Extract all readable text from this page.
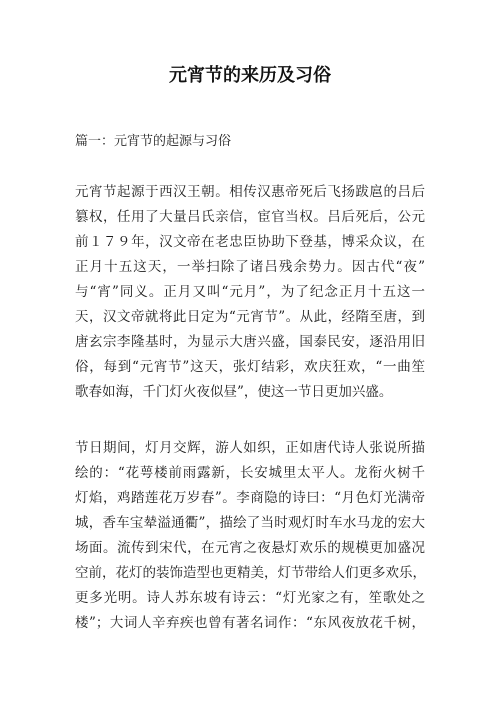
元宵节的来历及习俗

篇一：元宵节的起源与习俗

元宵节起源于西汉王朝。相传汉惠帝死后飞扬跋扈的吕后
篡权，任用了大量吕氏亲信，宦官当权。吕后死后，公元
前１７９年，汉文帝在老忠臣协助下登基，博采众议，在
正月十五这天，一举扫除了诸吕残余势力。因古代“夜”
与“宵”同义。正月又叫“元月”，为了纪念正月十五这一
天，汉文帝就将此日定为“元宵节”。从此，经隋至唐，到
唐玄宗李隆基时，为显示大唐兴盛，国泰民安，逐沿用旧
俗，每到“元宵节”这天，张灯结彩，欢庆狂欢，“一曲笙
歌春如海，千门灯火夜似昼”，使这一节日更加兴盛。
节日期间，灯月交辉，游人如织，正如唐代诗人张说所描
绘的：“花萼楼前雨露新，长安城里太平人。龙衔火树千
灯焰，鸡踏莲花万岁春”。李商隐的诗曰：“月色灯光满帝
城，香车宝辇溢通衢”，描绘了当时观灯时车水马龙的宏大
场面。流传到宋代，在元宵之夜悬灯欢乐的规模更加盛况
空前，花灯的装饰造型也更精美，灯节带给人们更多欢乐，
更多光明。诗人苏东坡有诗云：“灯光家之有，笙歌处之
楼”；大词人辛弃疾也曾有著名词作：“东风夜放花千树，
